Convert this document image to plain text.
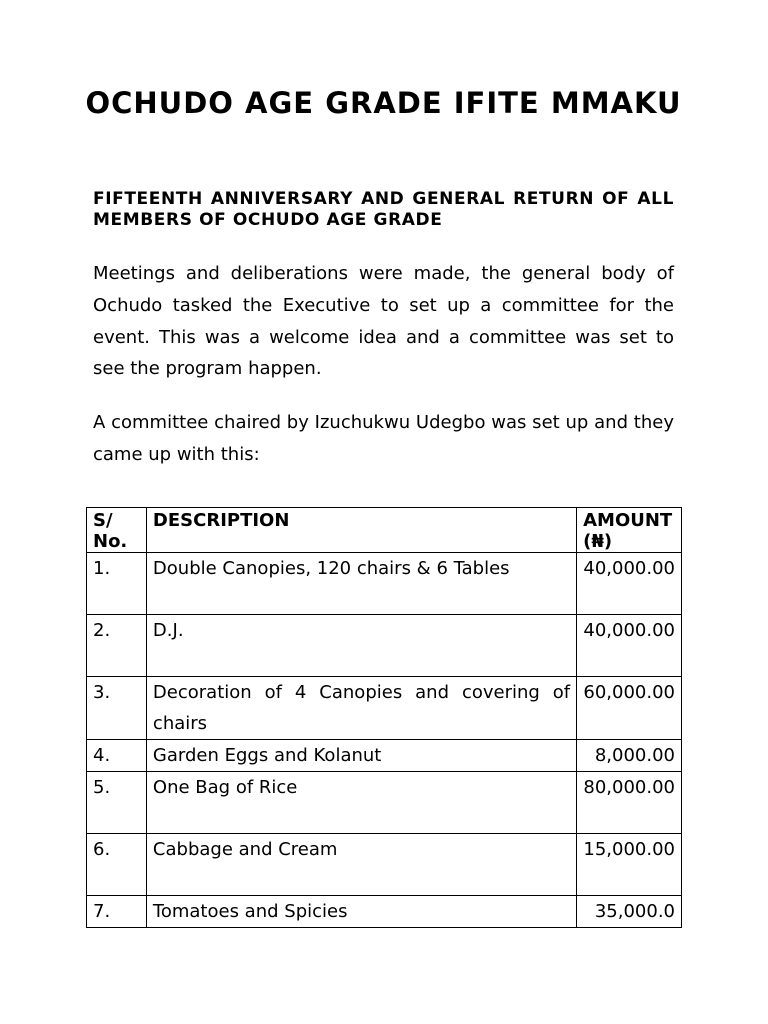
OCHUDO AGE GRADE IFITE MMAKU

FIFTEENTH ANNIVERSARY AND GENERAL RETURN OF ALL MEMBERS OF OCHUDO AGE GRADE

Meetings and deliberations were made, the general body of Ochudo tasked the Executive to set up a committee for the event. This was a welcome idea and a committee was set to see the program happen.

A committee chaired by Izuchukwu Udegbo was set up and they came up with this:

S/ No.	DESCRIPTION	AMOUNT (₦)
1.	Double Canopies, 120 chairs & 6 Tables	40,000.00
2.	D.J.	40,000.00
3.	Decoration of 4 Canopies and covering of chairs	60,000.00
4.	Garden Eggs and Kolanut	8,000.00
5.	One Bag of Rice	80,000.00
6.	Cabbage and Cream	15,000.00
7.	Tomatoes and Spicies	35,000.0
